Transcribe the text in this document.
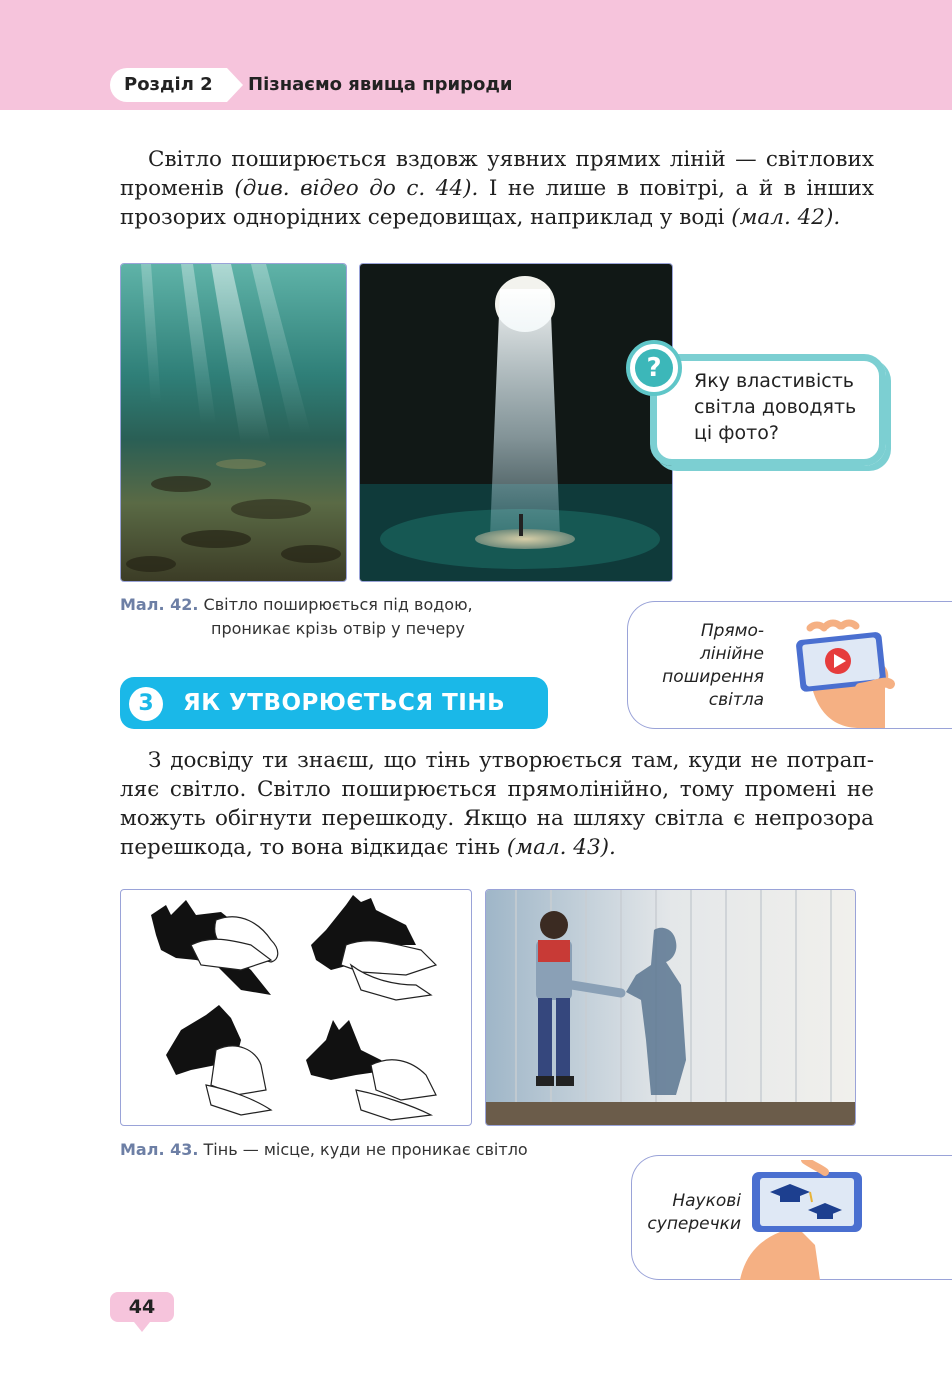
Розділ 2	Пізнаємо явища природи

Світло поширюється вздовж уявних прямих ліній — світлових променів (див. відео до с. 44). І не лише в повітрі, а й в інших прозорих однорідних середовищах, наприклад у воді (мал. 42).

?	Яку властивість світла доводять ці фото?
Мал. 42. Світло поширюється під водою,
проникає крізь отвір у печеру	Прямо-
лінійне
поширення
світла
3	ЯК УТВОРЮЄТЬСЯ ТІНЬ

З досвіду ти знаєш, що тінь утворюється там, куди не потрапляє світло. Світло поширюється прямолінійно, тому промені не можуть обігнути перешкоду. Якщо на шляху світла є непрозора перешкода, то вона відкидає тінь (мал. 43).

Мал. 43. Тінь — місце, куди не проникає світло
Наукові
суперечки
44
